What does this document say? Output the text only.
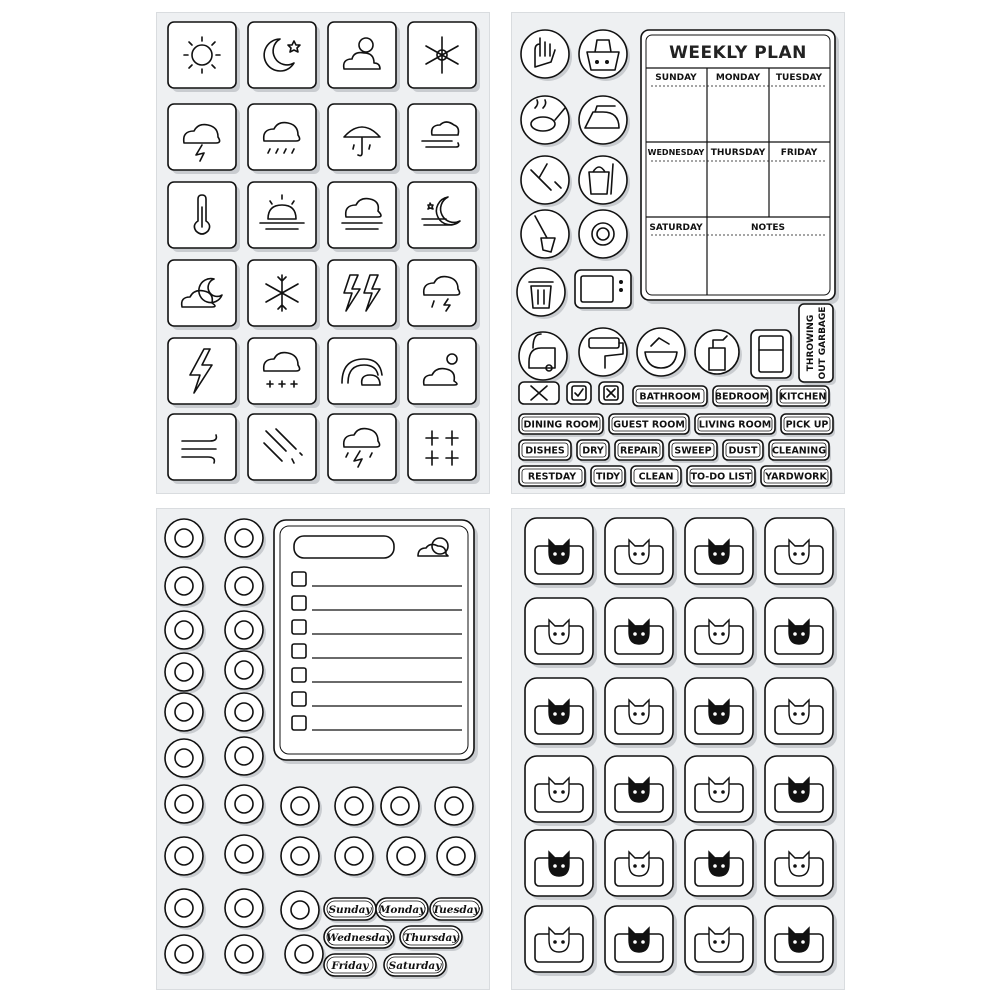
WEEKLY PLAN
SUNDAY MONDAY TUESDAY
WEDNESDAY THURSDAY FRIDAY
SATURDAY	NOTES
THROWING OUT GARBAGE
BATHROOM BEDROOM KITCHEN
DINING ROOM GUEST ROOM LIVING ROOM PICK UP
DISHES DRY REPAIR SWEEP DUST CLEANING
RESTDAY TIDY CLEAN TO-DO LIST YARDWORK
Sunday Monday Tuesday
Wednesday Thursday
Friday Saturday
